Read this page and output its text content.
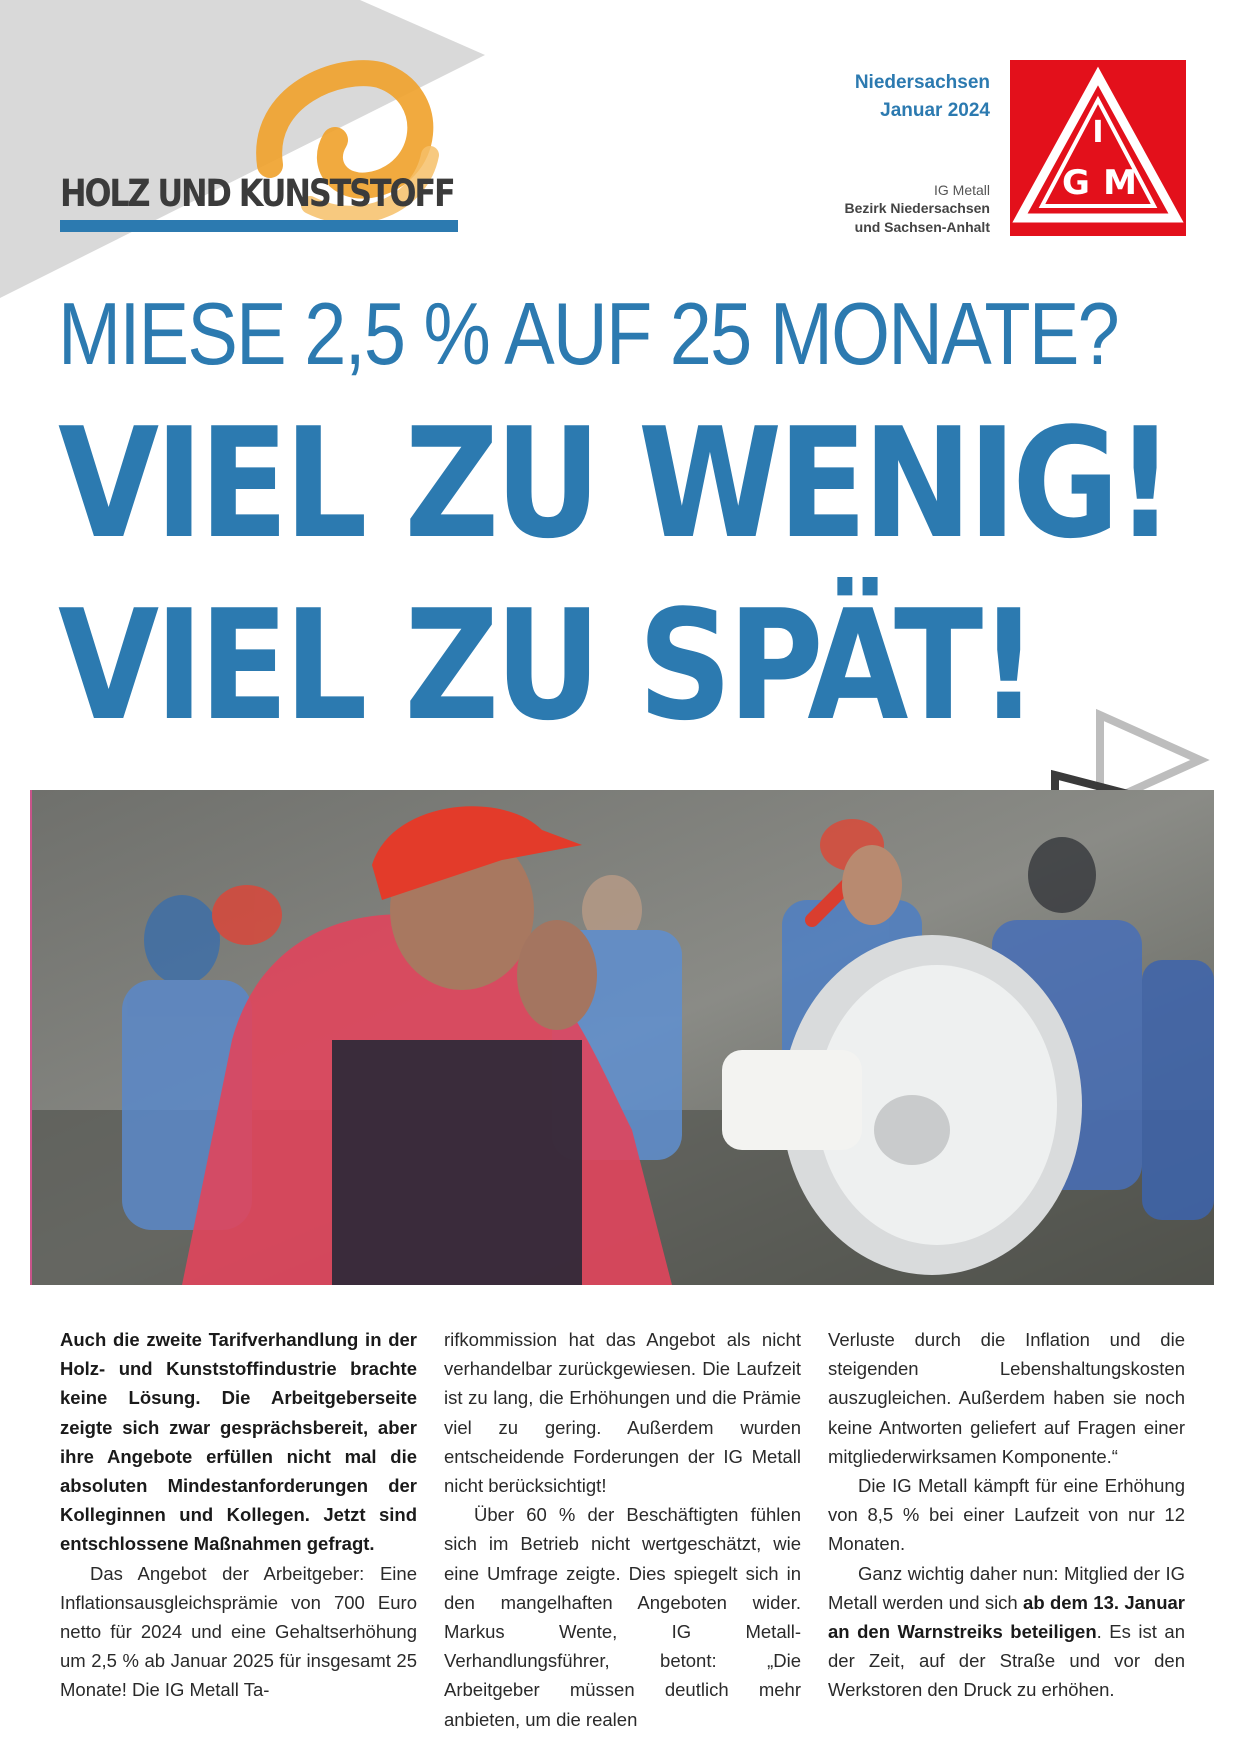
HOLZ UND KUNSTSTOFF
Niedersachsen
Januar 2024
IG Metall
Bezirk Niedersachsen
und Sachsen-Anhalt
I
G M
MIESE 2,5 % AUF 25 MONATE?
VIEL ZU WENIG!
VIEL ZU SPÄT!

Auch die zweite Tarifverhandlung in der Holz- und Kunststoffindustrie brachte keine Lösung. Die Arbeitgeberseite zeigte sich zwar gesprächsbereit, aber ihre Angebote erfüllen nicht mal die absoluten Mindestanforderungen der Kolleginnen und Kollegen. Jetzt sind entschlossene Maßnahmen gefragt.

Das Angebot der Arbeitgeber: Eine Inflationsausgleichsprämie von 700 Euro netto für 2024 und eine Gehaltserhöhung um 2,5 % ab Januar 2025 für insgesamt 25 Monate! Die IG Metall Ta-

rifkommission hat das Angebot als nicht verhandelbar zurückgewiesen. Die Laufzeit ist zu lang, die Erhöhungen und die Prämie viel zu gering. Außerdem wurden entscheidende Forderungen der IG Metall nicht berücksichtigt!

Über 60 % der Beschäftigten fühlen sich im Betrieb nicht wertgeschätzt, wie eine Umfrage zeigte. Dies spiegelt sich in den mangelhaften Angeboten wider. Markus Wente, IG Metall-Verhandlungsführer, betont: „Die Arbeitgeber müssen deutlich mehr anbieten, um die realen

Verluste durch die Inflation und die steigenden Lebenshaltungskosten auszugleichen. Außerdem haben sie noch keine Antworten geliefert auf Fragen einer mitgliederwirksamen Komponente.“

Die IG Metall kämpft für eine Erhöhung von 8,5 % bei einer Laufzeit von nur 12 Monaten.

Ganz wichtig daher nun: Mitglied der IG Metall werden und sich ab dem 13. Januar an den Warnstreiks beteiligen. Es ist an der Zeit, auf der Straße und vor den Werkstoren den Druck zu erhöhen.
